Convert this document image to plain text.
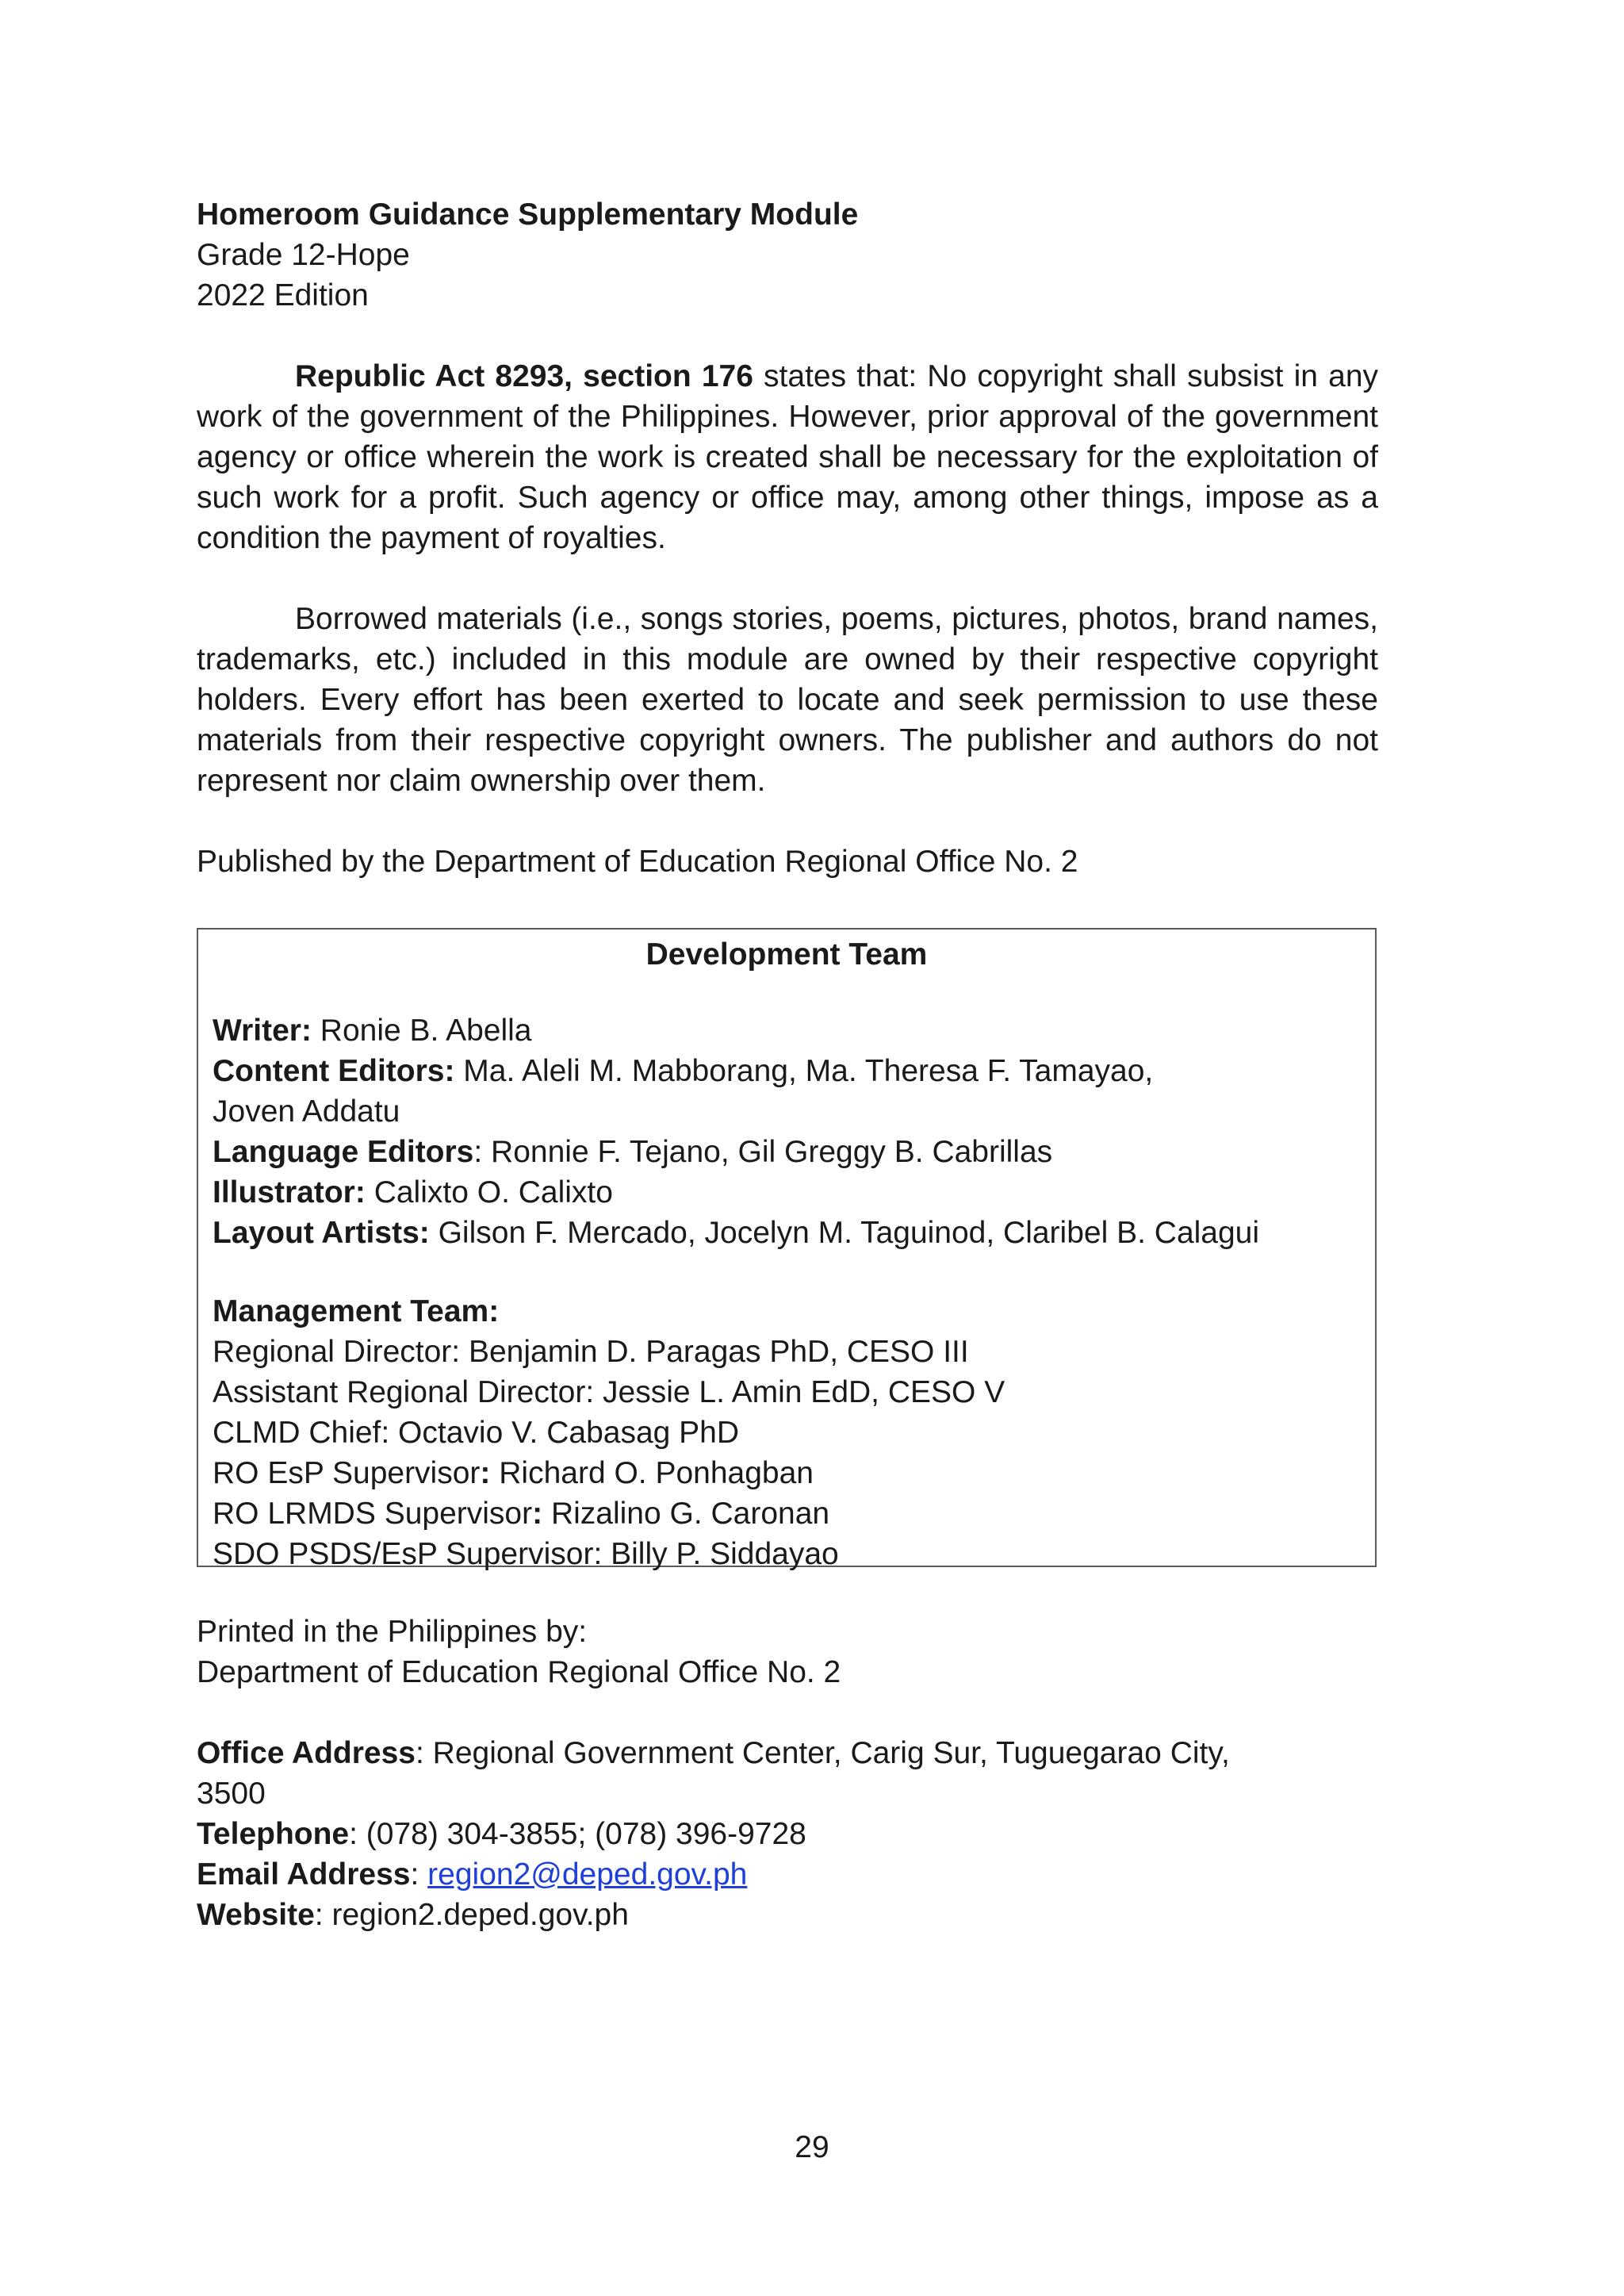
Homeroom Guidance Supplementary Module
Grade 12-Hope
2022 Edition

Republic Act 8293, section 176 states that: No copyright shall subsist in any work of the government of the Philippines. However, prior approval of the government agency or office wherein the work is created shall be necessary for the exploitation of such work for a profit. Such agency or office may, among other things, impose as a condition the payment of royalties.

Borrowed materials (i.e., songs stories, poems, pictures, photos, brand names, trademarks, etc.) included in this module are owned by their respective copyright holders. Every effort has been exerted to locate and seek permission to use these materials from their respective copyright owners. The publisher and authors do not represent nor claim ownership over them.

Published by the Department of Education Regional Office No. 2
Development Team
Writer: Ronie B. Abella
Content Editors: Ma. Aleli M. Mabborang, Ma. Theresa F. Tamayao,
Joven Addatu
Language Editors: Ronnie F. Tejano, Gil Greggy B. Cabrillas
Illustrator: Calixto O. Calixto
Layout Artists: Gilson F. Mercado, Jocelyn M. Taguinod, Claribel B. Calagui
Management Team:
Regional Director: Benjamin D. Paragas PhD, CESO III
Assistant Regional Director: Jessie L. Amin EdD, CESO V
CLMD Chief: Octavio V. Cabasag PhD
RO EsP Supervisor: Richard O. Ponhagban
RO LRMDS Supervisor: Rizalino G. Caronan
SDO PSDS/EsP Supervisor: Billy P. Siddayao
Printed in the Philippines by:
Department of Education Regional Office No. 2
Office Address: Regional Government Center, Carig Sur, Tuguegarao City,
3500
Telephone: (078) 304-3855; (078) 396-9728
Email Address: region2@deped.gov.ph
Website: region2.deped.gov.ph
29
